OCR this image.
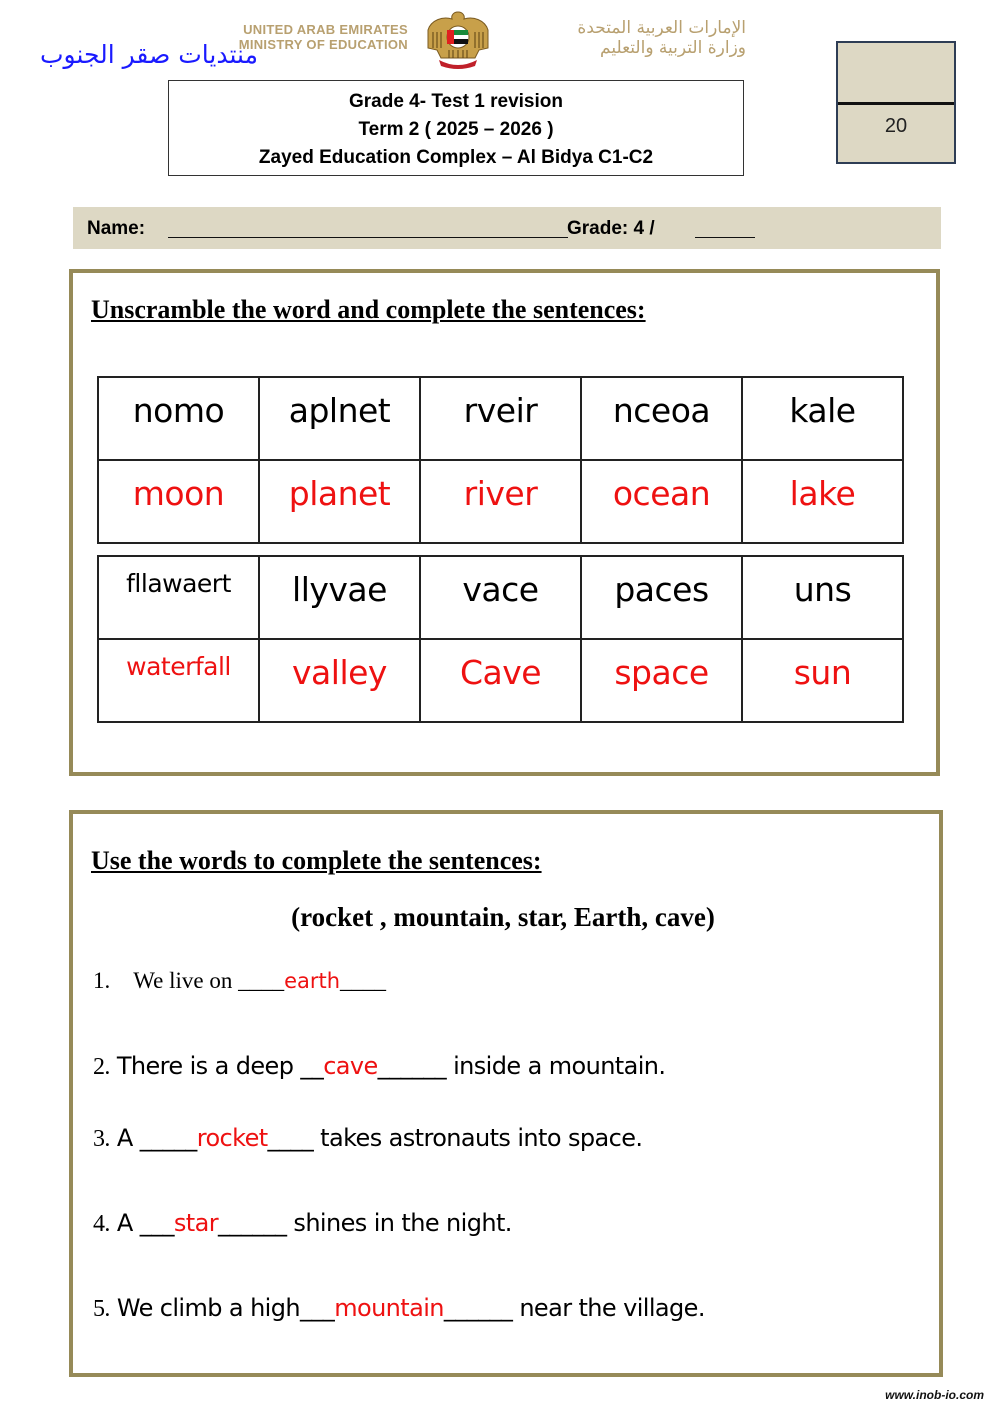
منتديات صقر الجنوب
UNITED ARAB EMIRATES
MINISTRY OF EDUCATION
الإمارات العربية المتحدة
وزارة التربية والتعليم
Grade 4- Test 1 revision
Term 2 ( 2025 – 2026 )
Zayed Education Complex – Al Bidya C1-C2
20
Name:	Grade: 4 /
Unscramble the word and complete the sentences:
nomo	aplnet	rveir	nceoa	kale

moon	planet	river	ocean	lake
fllawaert	llyvae	vace	paces	uns

waterfall	valley	Cave	space	sun
Use the words to complete the sentences:
(rocket , mountain, star, Earth, cave)
1. We live on ____earth____
2. There is a deep __cave______ inside a mountain.
3. A _____rocket____ takes astronauts into space.
4. A ___star______ shines in the night.
5. We climb a high___mountain______ near the village.
www.inob-io.com
